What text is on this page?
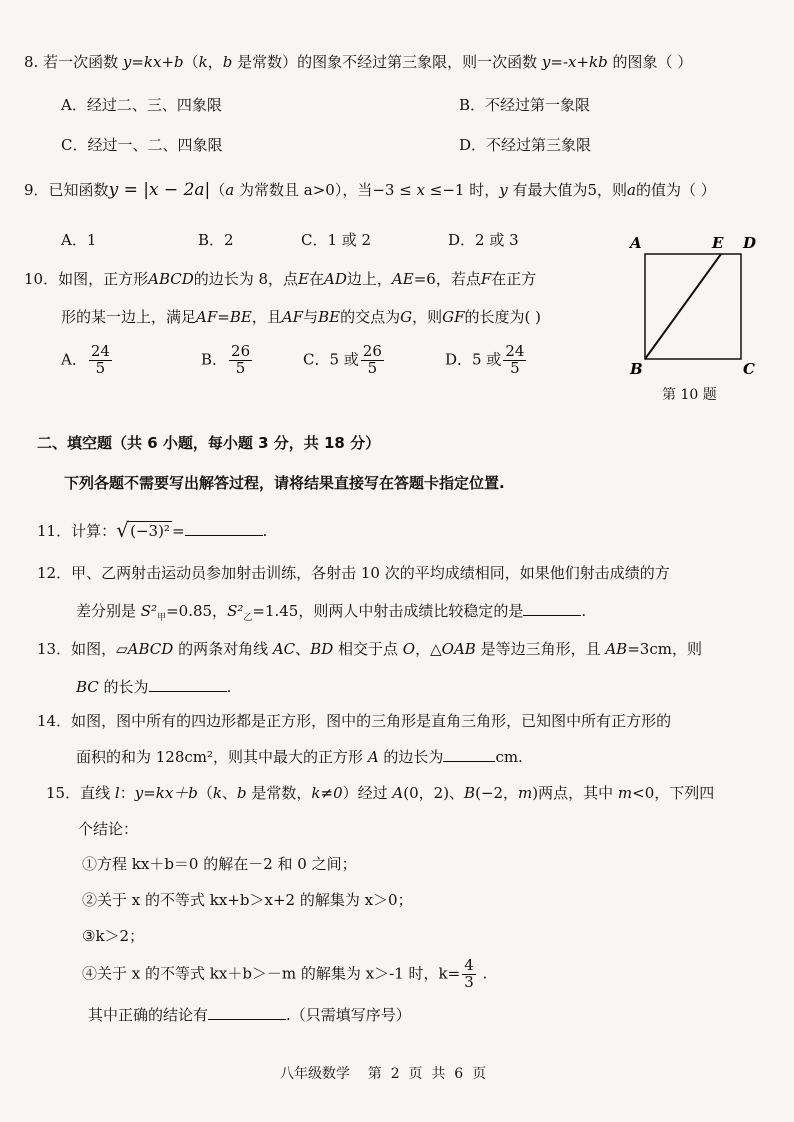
8. 若一次函数 y=kx+b（k，b 是常数）的图象不经过第三象限，则一次函数 y=-x+kb 的图象（ ）
A．经过二、三、四象限	B．不经过第一象限
C．经过一、二、四象限	D．不经过第三象限
9．已知函数y = |x − 2a|（a 为常数且 a>0），当−3 ≤ x ≤−1 时，y 有最大值为5，则a的值为（ ）
A．1	B．2	C．1 或 2	D．2 或 3
10．如图，正方形ABCD的边长为 8，点E在AD边上，AE=6，若点F在正方
形的某一边上，满足AF=BE，且AF与BE的交点为G，则GF的长度为( )
A． $\frac{24}{5}$	B． $\frac{26}{5}$	C．5 或 $\frac{26}{5}$	D．5 或 $\frac{24}{5}$
A	E D
B	C
第 10 题
二、填空题（共 6 小题，每小题 3 分，共 18 分）
下列各题不需要写出解答过程，请将结果直接写在答题卡指定位置.
11．计算： √ (−3)² =	.
12．甲、乙两射击运动员参加射击训练，各射击 10 次的平均成绩相同，如果他们射击成绩的方
差分别是 $S^2_甲=0.85$，$S^2_乙=1.45$，则两人中射击成绩比较稳定的是	.
13．如图，▱ABCD 的两条对角线 AC、BD 相交于点 O，△OAB 是等边三角形，且 AB=3cm，则
BC 的长为	.
14．如图，图中所有的四边形都是正方形，图中的三角形是直角三角形，已知图中所有正方形的
面积的和为 128cm²，则其中最大的正方形 A 的边长为	cm.
15．直线 l：y=kx＋b（k、b 是常数，k≠0）经过 A(0，2)、B(−2，m)两点，其中 m<0，下列四
个结论：
①方程 kx＋b＝0 的解在－2 和 0 之间；
②关于 x 的不等式 kx+b＞x+2 的解集为 x＞0；
③k＞2；
④关于 x 的不等式 kx＋b＞－m 的解集为 x＞-1 时，$k= \frac{4}{3}$ .
其中正确的结论有	.（只需填写序号）
八年级数学    第  2  页  共  6  页
